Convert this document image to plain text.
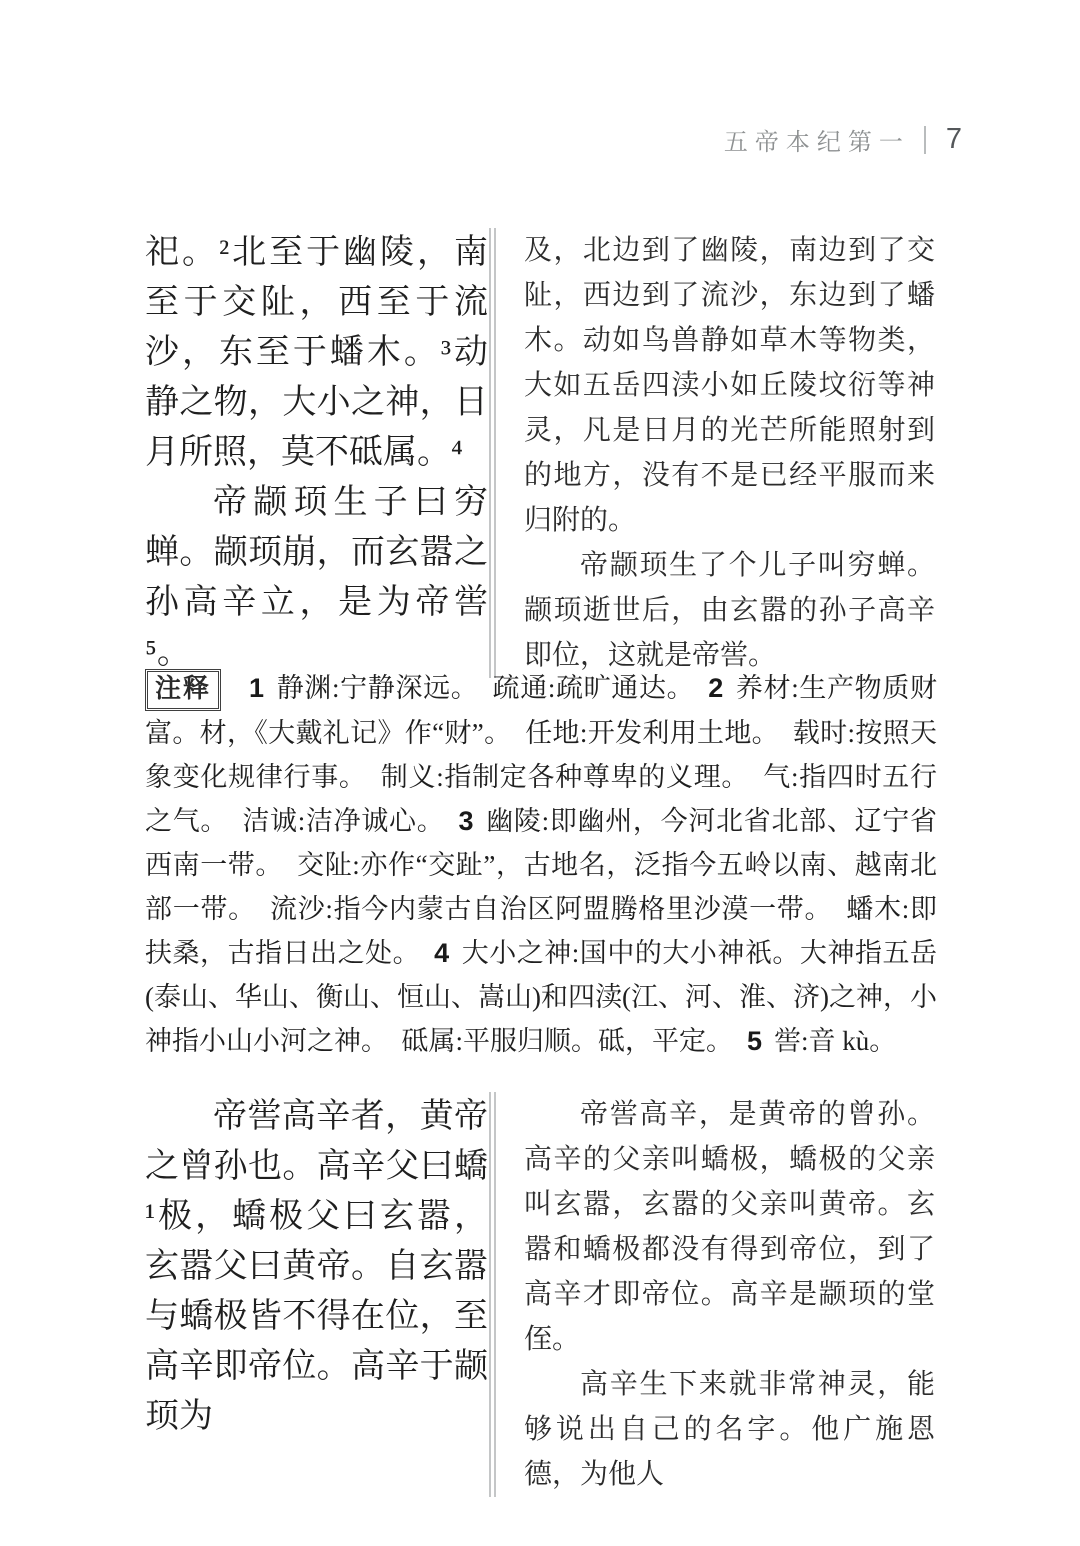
五帝本纪第一 7

祀。²北至于幽陵，南至于交阯，西至于流沙，东至于蟠木。³动静之物，大小之神，日月所照，莫不砥属。⁴

帝颛顼生子曰穷蝉。颛顼崩，而玄嚣之孙高辛立，是为帝喾⁵。

及，北边到了幽陵，南边到了交阯，西边到了流沙，东边到了蟠木。动如鸟兽静如草木等物类，大如五岳四渎小如丘陵坟衍等神灵，凡是日月的光芒所能照射到的地方，没有不是已经平服而来归附的。

帝颛顼生了个儿子叫穷蝉。颛顼逝世后，由玄嚣的孙子高辛即位，这就是帝喾。

注释 1 静渊:宁静深远。　疏通:疏旷通达。 2 养材:生产物质财富。材，《大戴礼记》作“财”。　任地:开发利用土地。　载时:按照天象变化规律行事。　制义:指制定各种尊卑的义理。　气:指四时五行之气。　洁诚:洁净诚心。 3 幽陵:即幽州，今河北省北部、辽宁省西南一带。　交阯:亦作“交趾”，古地名，泛指今五岭以南、越南北部一带。　流沙:指今内蒙古自治区阿盟腾格里沙漠一带。　蟠木:即扶桑，古指日出之处。 4 大小之神:国中的大小神祇。大神指五岳(泰山、华山、衡山、恒山、嵩山)和四渎(江、河、淮、济)之神，小神指小山小河之神。　砥属:平服归顺。砥，平定。 5 喾:音 kù。

帝喾高辛者，黄帝之曾孙也。高辛父曰蟜¹极，蟜极父曰玄嚣，玄嚣父曰黄帝。自玄嚣与蟜极皆不得在位，至高辛即帝位。高辛于颛顼为

帝喾高辛，是黄帝的曾孙。高辛的父亲叫蟜极，蟜极的父亲叫玄嚣，玄嚣的父亲叫黄帝。玄嚣和蟜极都没有得到帝位，到了高辛才即帝位。高辛是颛顼的堂侄。

高辛生下来就非常神灵，能够说出自己的名字。他广施恩德，为他人
